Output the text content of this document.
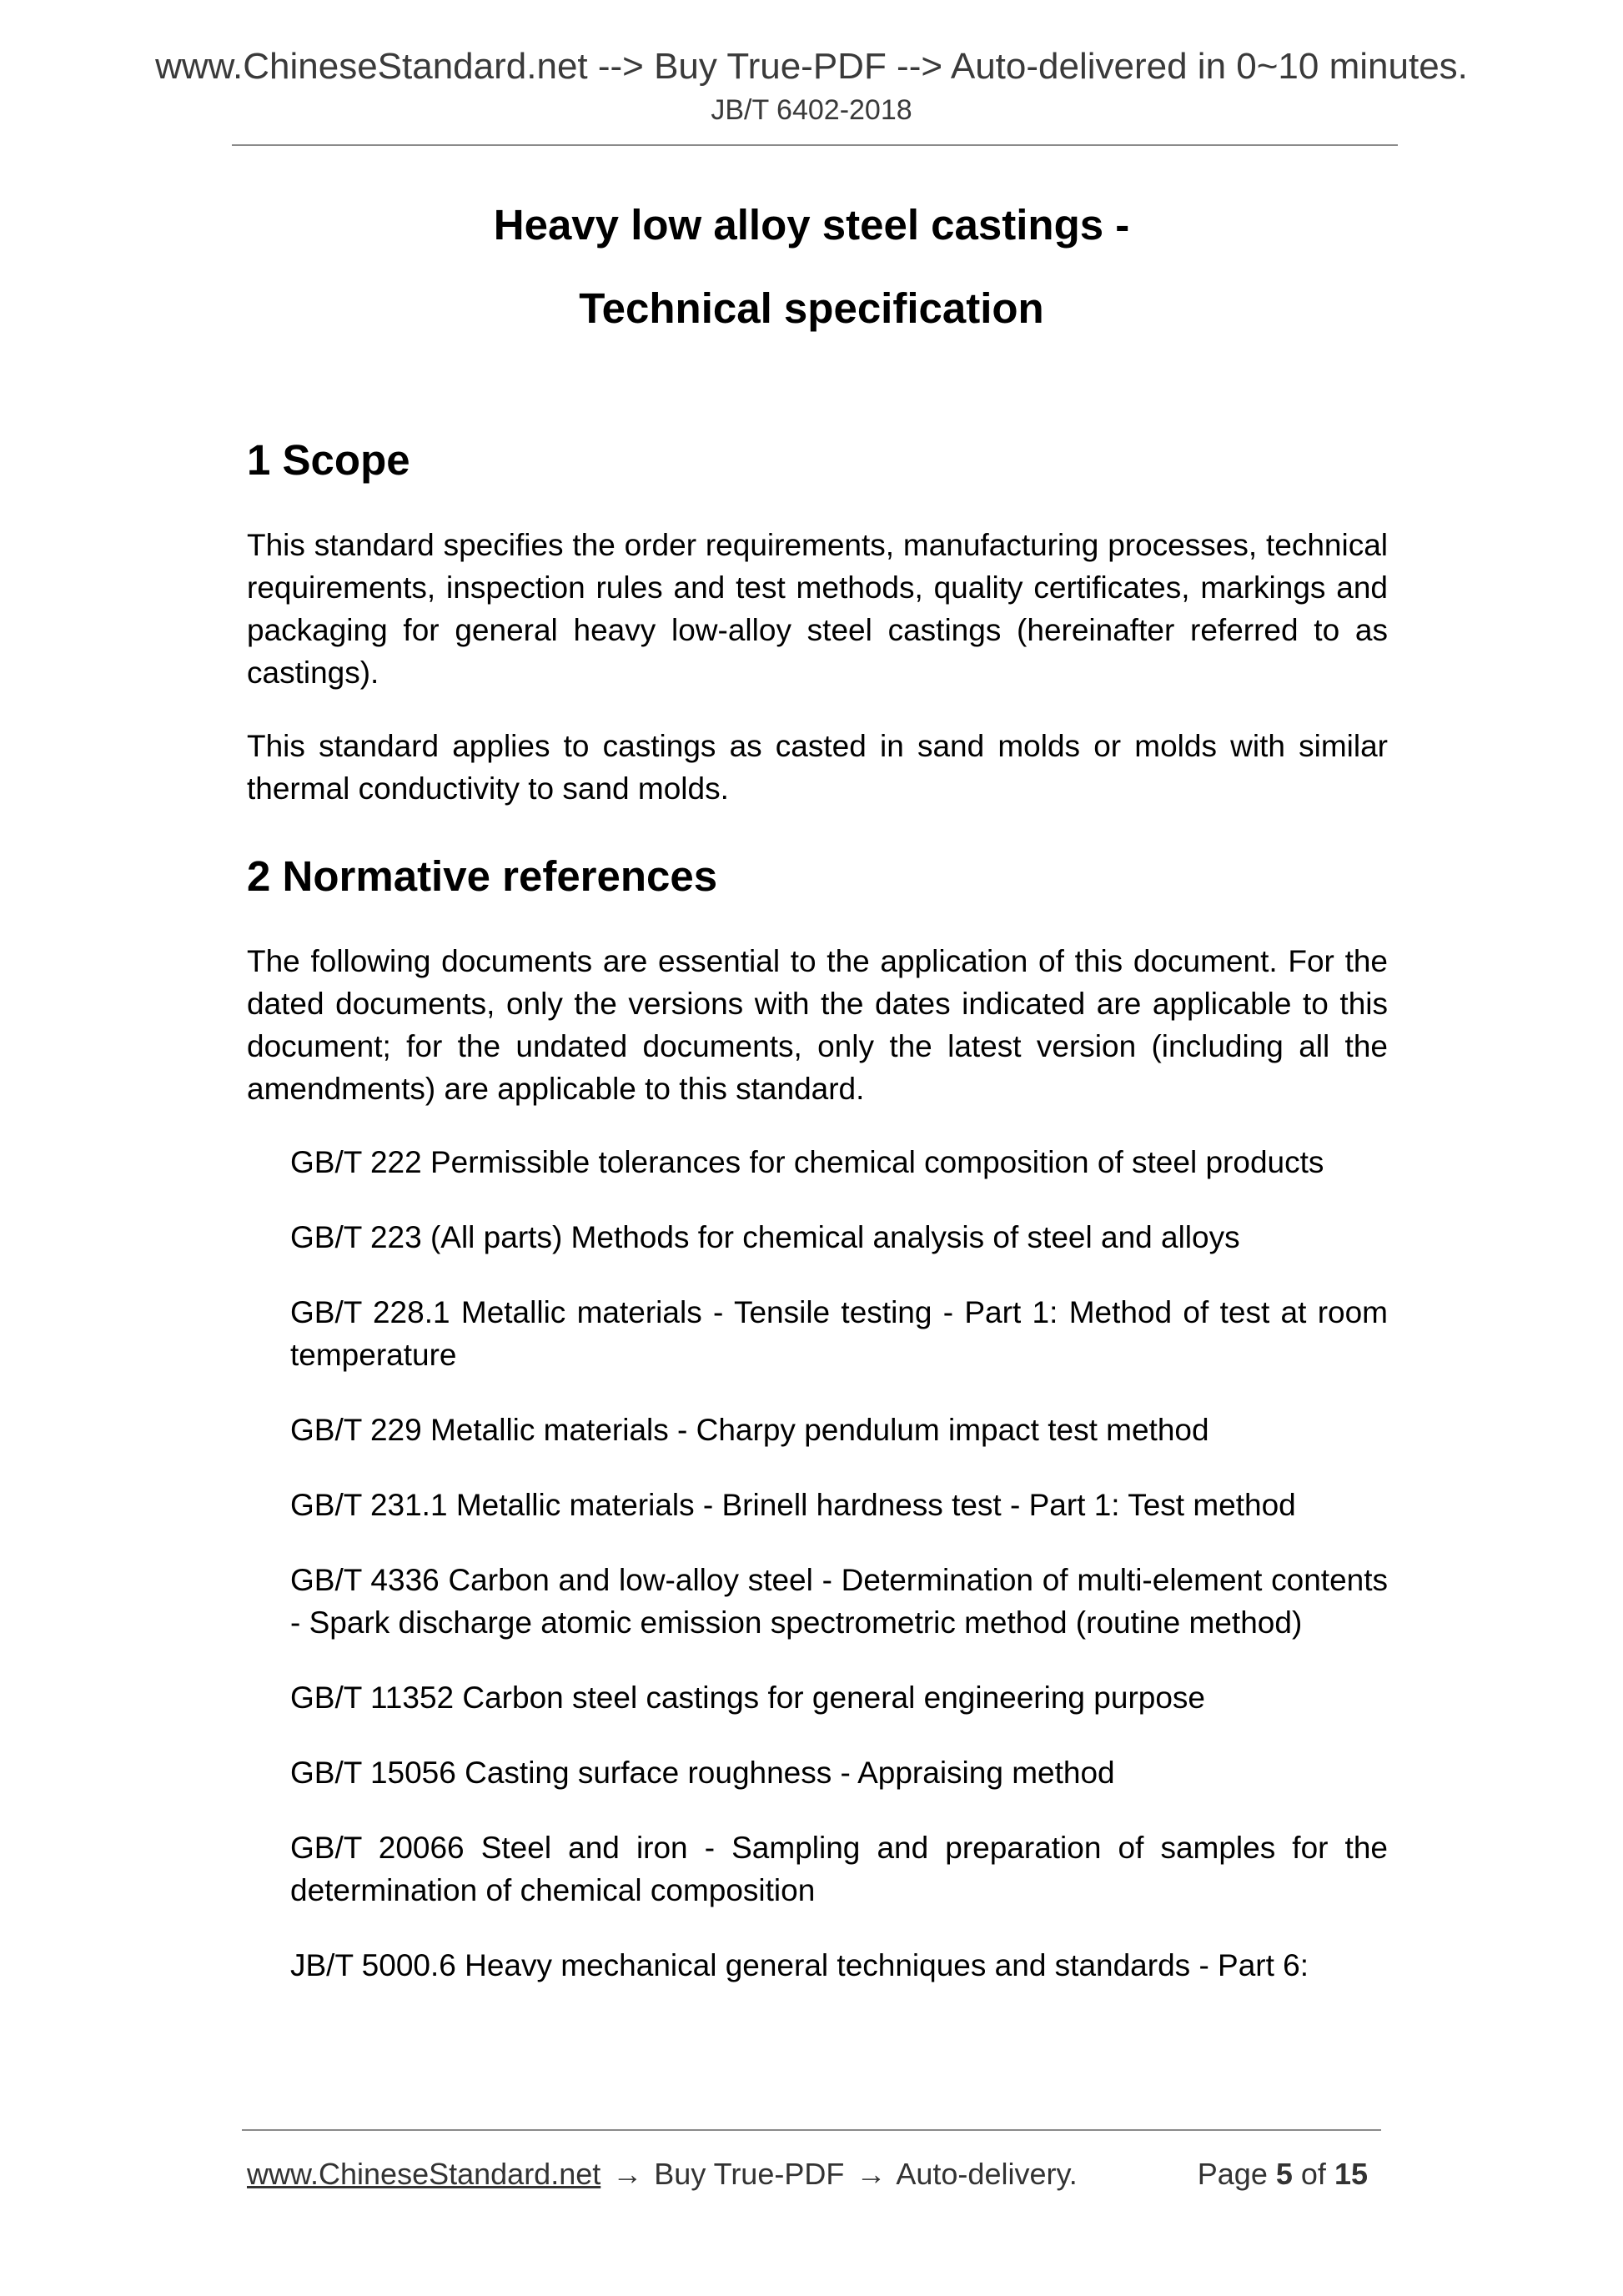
www.ChineseStandard.net --> Buy True-PDF --> Auto-delivered in 0~10 minutes.
JB/T 6402-2018
Heavy low alloy steel castings -
Technical specification
1 Scope

This standard specifies the order requirements, manufacturing processes, technical requirements, inspection rules and test methods, quality certificates, markings and packaging for general heavy low-alloy steel castings (hereinafter referred to as castings).

This standard applies to castings as casted in sand molds or molds with similar thermal conductivity to sand molds.

2 Normative references

The following documents are essential to the application of this document. For the dated documents, only the versions with the dates indicated are applicable to this document; for the undated documents, only the latest version (including all the amendments) are applicable to this standard.

GB/T 222 Permissible tolerances for chemical composition of steel products

GB/T 223 (All parts) Methods for chemical analysis of steel and alloys

GB/T 228.1 Metallic materials - Tensile testing - Part 1: Method of test at room temperature

GB/T 229 Metallic materials - Charpy pendulum impact test method

GB/T 231.1 Metallic materials - Brinell hardness test - Part 1: Test method

GB/T 4336 Carbon and low-alloy steel - Determination of multi-element contents - Spark discharge atomic emission spectrometric method (routine method)

GB/T 11352 Carbon steel castings for general engineering purpose

GB/T 15056 Casting surface roughness - Appraising method

GB/T 20066 Steel and iron - Sampling and preparation of samples for the determination of chemical composition

JB/T 5000.6 Heavy mechanical general techniques and standards - Part 6:

www.ChineseStandard.net → Buy True-PDF → Auto-delivery.	Page 5 of 15
